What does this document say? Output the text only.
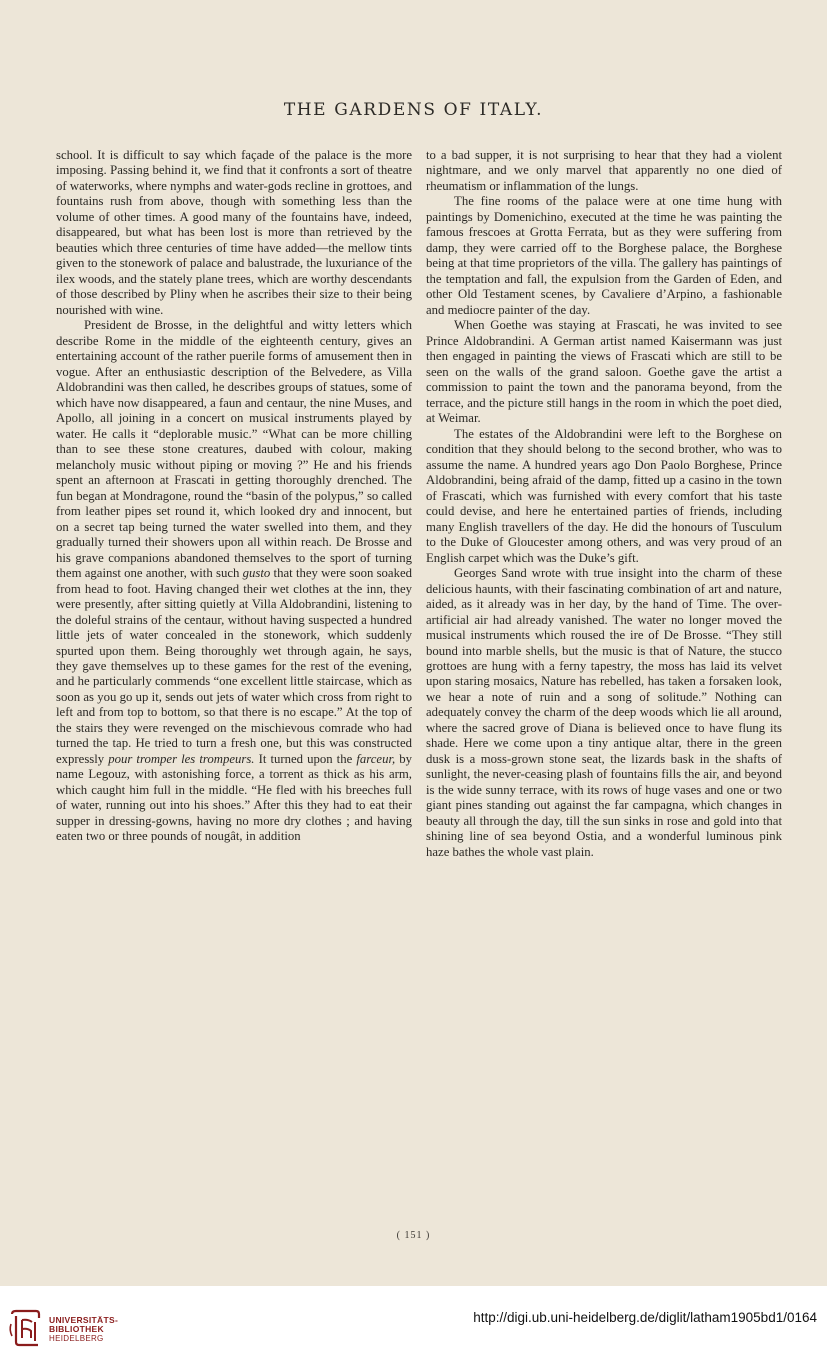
THE GARDENS OF ITALY.

school. It is difficult to say which façade of the palace is the more imposing. Passing behind it, we find that it confronts a sort of theatre of waterworks, where nymphs and water-gods recline in grottoes, and fountains rush from above, though with something less than the volume of other times. A good many of the fountains have, indeed, disappeared, but what has been lost is more than retrieved by the beauties which three centuries of time have added—the mellow tints given to the stonework of palace and balustrade, the luxuriance of the ilex woods, and the stately plane trees, which are worthy descendants of those described by Pliny when he ascribes their size to their being nourished with wine.

President de Brosse, in the delightful and witty letters which describe Rome in the middle of the eighteenth century, gives an entertaining account of the rather puerile forms of amusement then in vogue. After an enthusiastic description of the Belvedere, as Villa Aldobrandini was then called, he describes groups of statues, some of which have now disappeared, a faun and centaur, the nine Muses, and Apollo, all joining in a concert on musical instruments played by water. He calls it “deplorable music.” “What can be more chilling than to see these stone creatures, daubed with colour, making melancholy music without piping or moving ?” He and his friends spent an afternoon at Frascati in getting thoroughly drenched. The fun began at Mondragone, round the “basin of the polypus,” so called from leather pipes set round it, which looked dry and innocent, but on a secret tap being turned the water swelled into them, and they gradually turned their showers upon all within reach. De Brosse and his grave companions abandoned themselves to the sport of turning them against one another, with such gusto that they were soon soaked from head to foot. Having changed their wet clothes at the inn, they were presently, after sitting quietly at Villa Aldobrandini, listening to the doleful strains of the centaur, without having suspected a hundred little jets of water concealed in the stonework, which suddenly spurted upon them. Being thoroughly wet through again, he says, they gave themselves up to these games for the rest of the evening, and he particularly commends “one excellent little staircase, which as soon as you go up it, sends out jets of water which cross from right to left and from top to bottom, so that there is no escape.” At the top of the stairs they were revenged on the mischievous comrade who had turned the tap. He tried to turn a fresh one, but this was constructed expressly pour tromper les trompeurs. It turned upon the farceur, by name Legouz, with astonishing force, a torrent as thick as his arm, which caught him full in the middle. “He fled with his breeches full of water, running out into his shoes.” After this they had to eat their supper in dressing-gowns, having no more dry clothes ; and having eaten two or three pounds of nougât, in addition

to a bad supper, it is not surprising to hear that they had a violent nightmare, and we only marvel that apparently no one died of rheumatism or inflammation of the lungs.

The fine rooms of the palace were at one time hung with paintings by Domenichino, executed at the time he was painting the famous frescoes at Grotta Ferrata, but as they were suffering from damp, they were carried off to the Borghese palace, the Borghese being at that time proprietors of the villa. The gallery has paintings of the temptation and fall, the expulsion from the Garden of Eden, and other Old Testament scenes, by Cavaliere d’Arpino, a fashionable and mediocre painter of the day.

When Goethe was staying at Frascati, he was invited to see Prince Aldobrandini. A German artist named Kaisermann was just then engaged in painting the views of Frascati which are still to be seen on the walls of the grand saloon. Goethe gave the artist a commission to paint the town and the panorama beyond, from the terrace, and the picture still hangs in the room in which the poet died, at Weimar.

The estates of the Aldobrandini were left to the Borghese on condition that they should belong to the second brother, who was to assume the name. A hundred years ago Don Paolo Borghese, Prince Aldobrandini, being afraid of the damp, fitted up a casino in the town of Frascati, which was furnished with every comfort that his taste could devise, and here he entertained parties of friends, including many English travellers of the day. He did the honours of Tusculum to the Duke of Gloucester among others, and was very proud of an English carpet which was the Duke’s gift.

Georges Sand wrote with true insight into the charm of these delicious haunts, with their fascinating combination of art and nature, aided, as it already was in her day, by the hand of Time. The over-artificial air had already vanished. The water no longer moved the musical instruments which roused the ire of De Brosse. “They still bound into marble shells, but the music is that of Nature, the stucco grottoes are hung with a ferny tapestry, the moss has laid its velvet upon staring mosaics, Nature has rebelled, has taken a forsaken look, we hear a note of ruin and a song of solitude.” Nothing can adequately convey the charm of the deep woods which lie all around, where the sacred grove of Diana is believed once to have flung its shade. Here we come upon a tiny antique altar, there in the green dusk is a moss-grown stone seat, the lizards bask in the shafts of sunlight, the never-ceasing plash of fountains fills the air, and beyond is the wide sunny terrace, with its rows of huge vases and one or two giant pines standing out against the far campagna, which changes in beauty all through the day, till the sun sinks in rose and gold into that shining line of sea beyond Ostia, and a wonderful luminous pink haze bathes the whole vast plain.

( 151 )
UNIVERSITÄTS-
BIBLIOTHEK
HEIDELBERG
http://digi.ub.uni-heidelberg.de/diglit/latham1905bd1/0164
